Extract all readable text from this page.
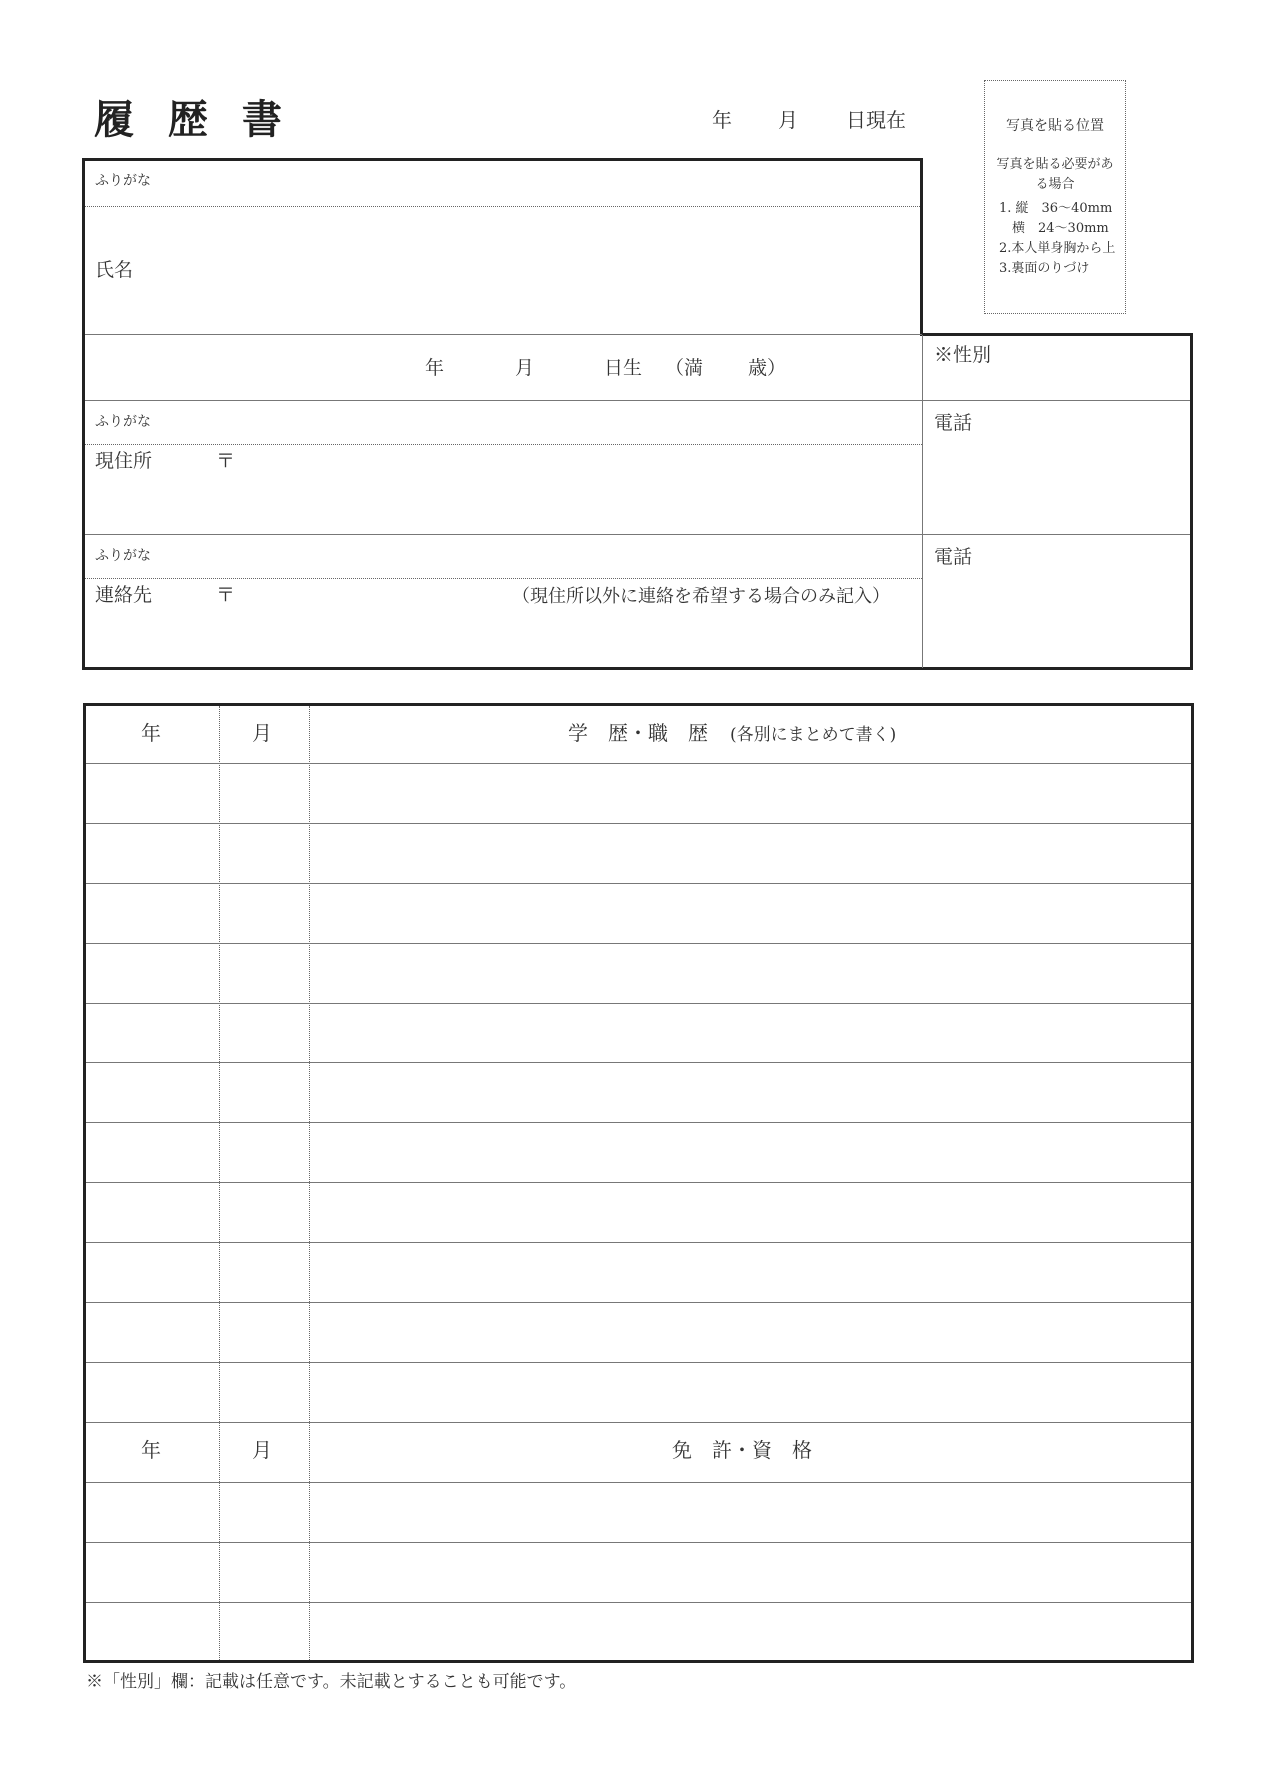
履 歴 書	年 月 日現在	写真を貼る位置
写真を貼る必要がある場合
1. 縦　36〜40mm
　横　24〜30mm
2.本人単身胸から上
3.裏面のりづけ
ふりがな
氏名
年	月	日生 （満 歳）
※性別
ふりがな
現住所	〒
電話
ふりがな
連絡先	〒	（現住所以外に連絡を希望する場合のみ記入）
電話
年	月	学　歴・職　歴 (各別にまとめて書く)
年	月	免　許・資　格
※「性別」欄：記載は任意です。未記載とすることも可能です。
